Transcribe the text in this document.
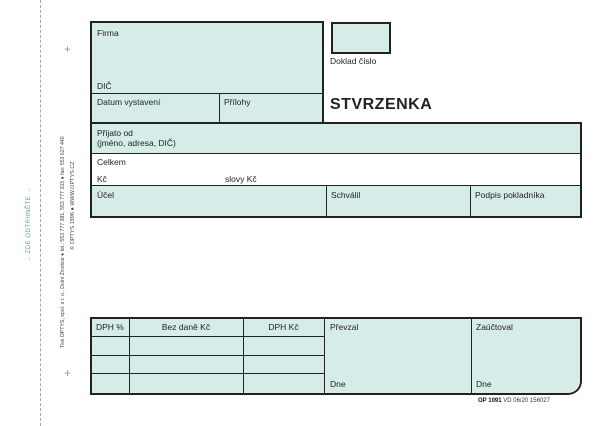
+
+
→ ZDE ODTRHNĚTE →	Tisk OPTYS, spol. s r. o., Dolní Životice ● tel.: 553 777 381, 553 777 333 ● fax: 553 627 440 © OPTYS 1996 ● WWW.OPTYS.CZ
Firma
DIČ
Doklad číslo
Datum vystavení	Přílohy	STVRZENKA
Přijato od
(jméno, adresa, DIČ)
Celkem
Kč	slovy Kč
Účel	Schválil	Podpis pokladníka
DPH %	Bez daně Kč	DPH Kč	Převzal	Zaúčtoval
Dne	Dne
OP 1091 VD 06/20 156027
